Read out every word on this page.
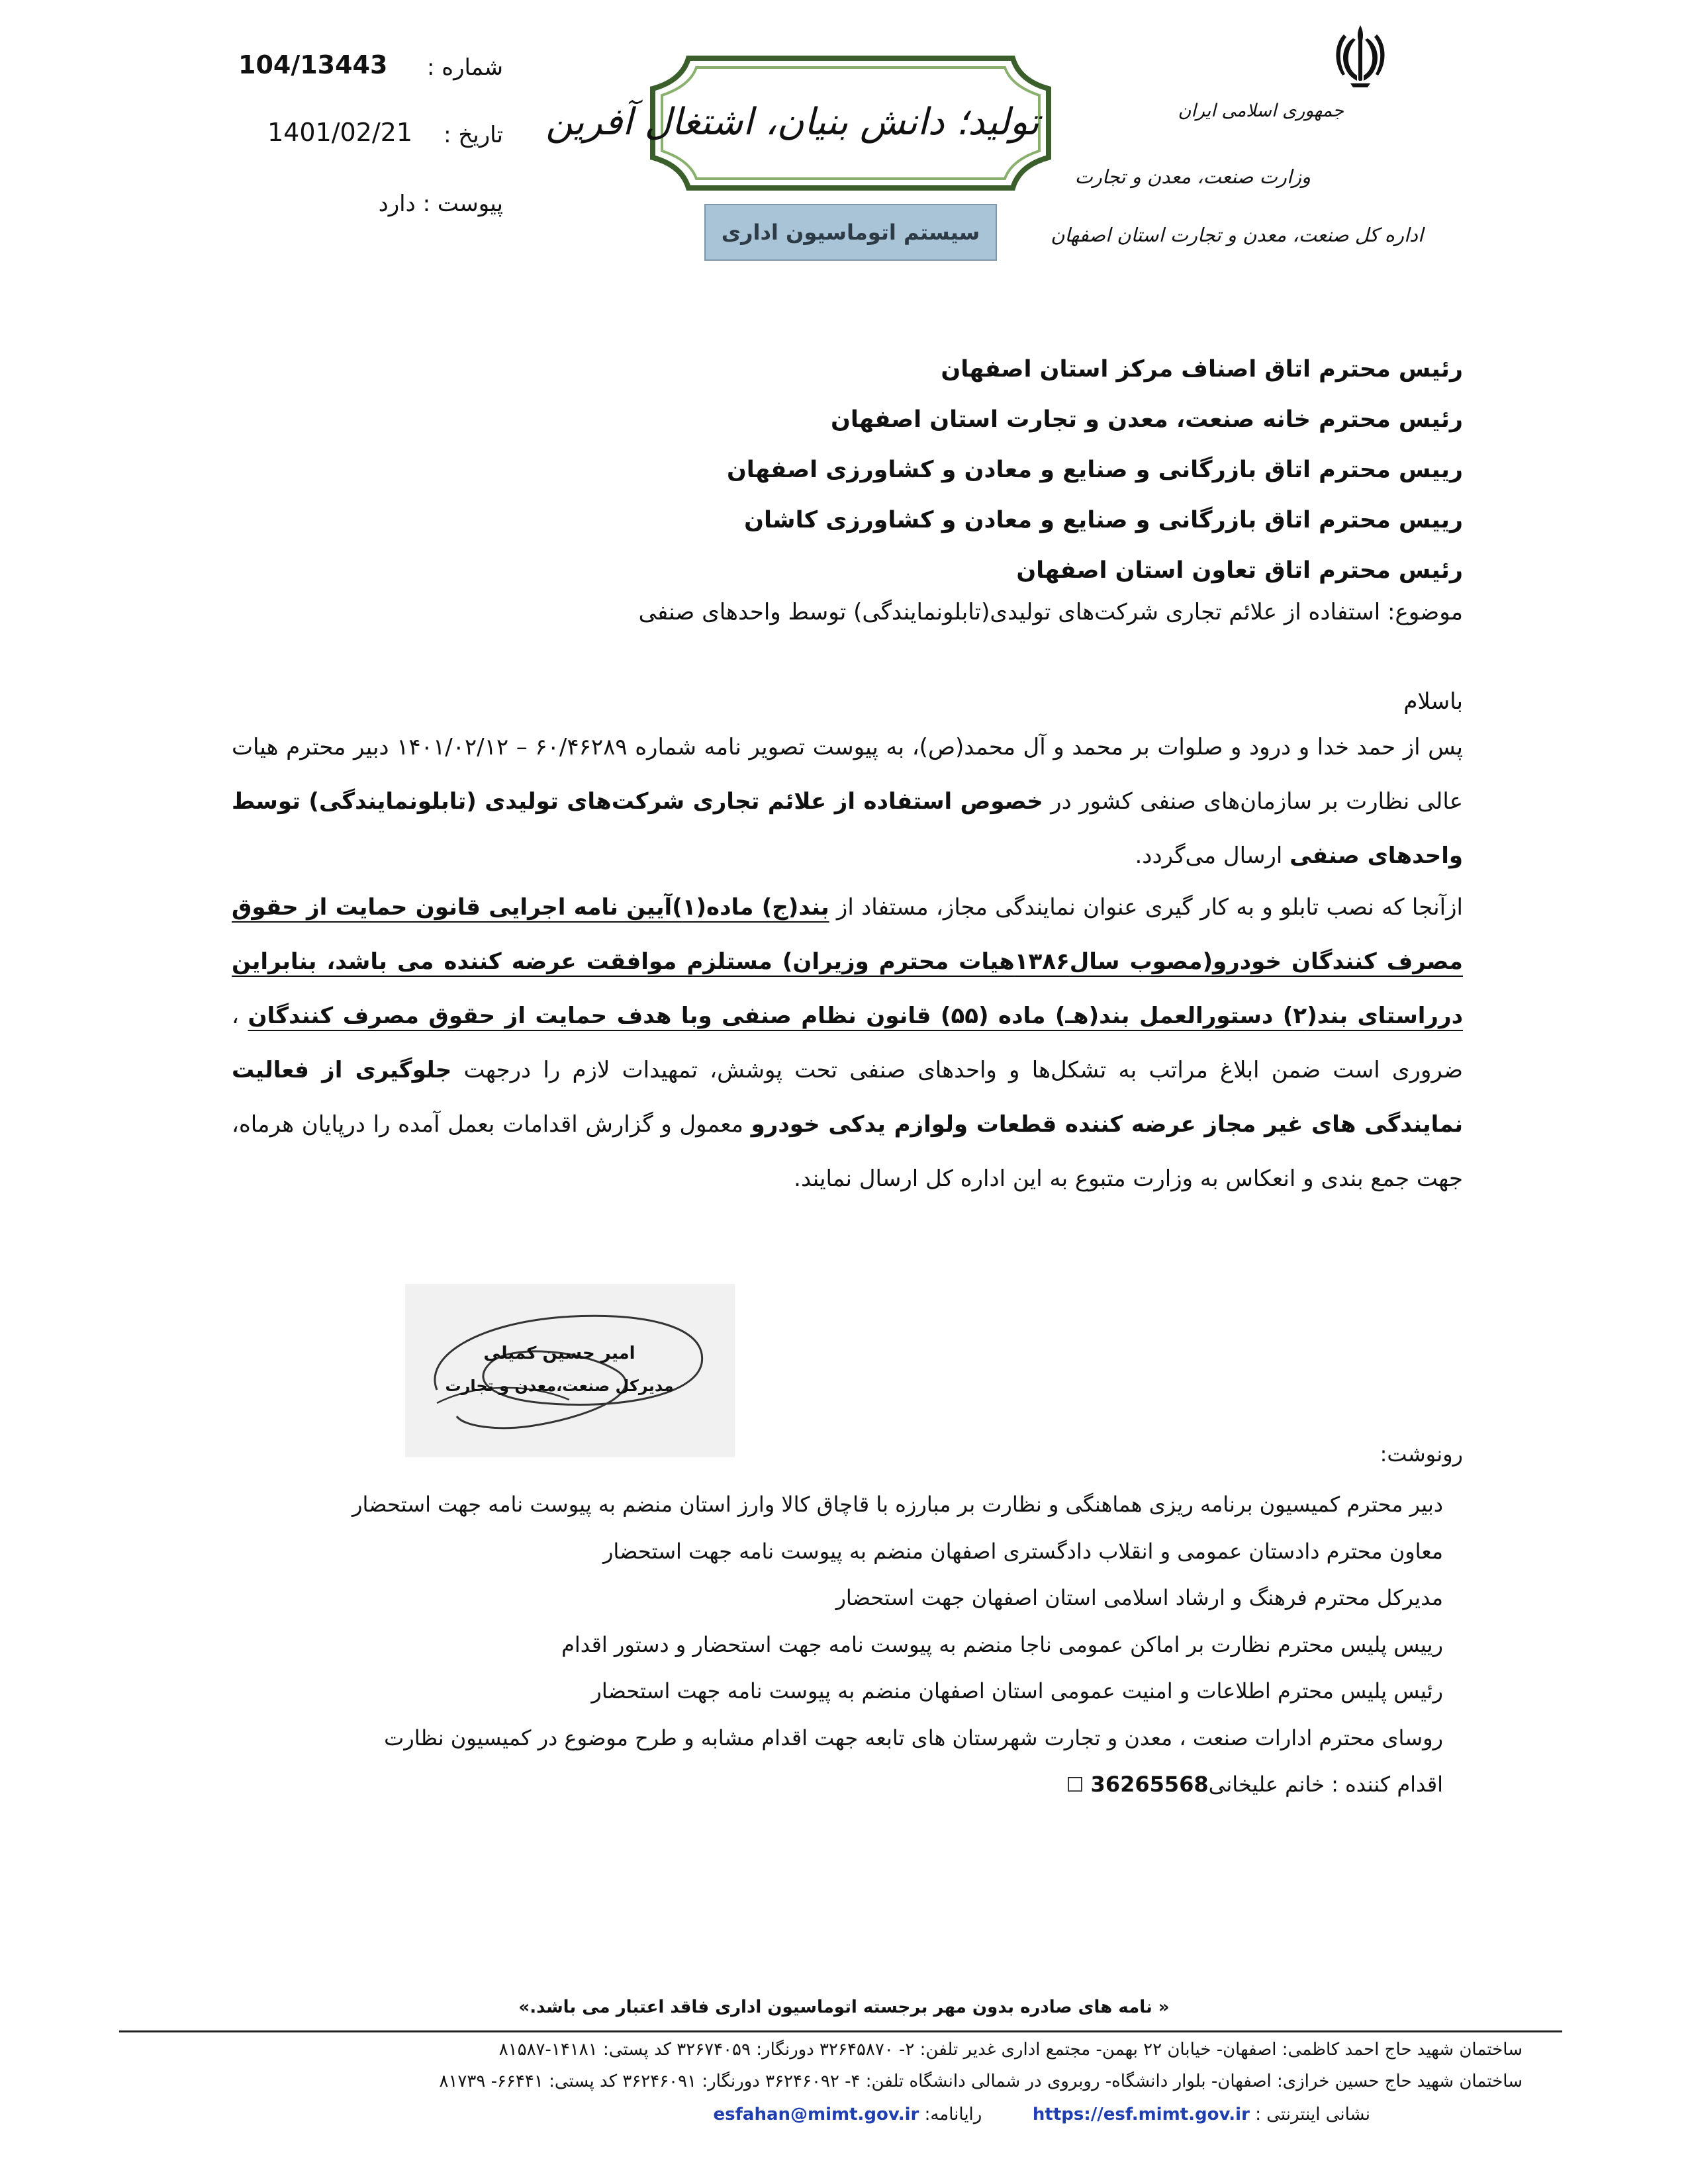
جمهوری اسلامی ایران
وزارت صنعت، معدن و تجارت
اداره کل صنعت، معدن و تجارت استان اصفهان
تولید؛ دانش بنیان، اشتغال آفرین
سیستم اتوماسیون اداری
شماره :
104/13443
تاریخ :
1401/02/21
پیوست : دارد
رئیس محترم اتاق اصناف مرکز استان اصفهان
رئیس محترم خانه صنعت، معدن و تجارت استان اصفهان
رییس محترم اتاق بازرگانی و صنایع و معادن و کشاورزی اصفهان
رییس محترم اتاق بازرگانی و صنایع و معادن و کشاورزی کاشان
رئیس محترم اتاق تعاون استان اصفهان
موضوع: استفاده از علائم تجاری شرکت‌های تولیدی(تابلونمایندگی) توسط واحدهای صنفی
باسلام

پس از حمد خدا و درود و صلوات بر محمد و آل محمد(ص)، به پیوست تصویر نامه شماره ۶۰/۴۶۲۸۹ – ۱۴۰۱/۰۲/۱۲ دبیر محترم هیات عالی نظارت بر سازمان‌های صنفی کشور در خصوص استفاده از علائم تجاری شرکت‌های تولیدی (تابلونمایندگی) توسط واحدهای صنفی ارسال می‌گردد.

ازآنجا که نصب تابلو و به کار گیری عنوان نمایندگی مجاز، مستفاد از بند(ج) ماده(۱)آیین نامه اجرایی قانون حمایت از حقوق مصرف کنندگان خودرو(مصوب سال۱۳۸۶هیات محترم وزیران) مستلزم موافقت عرضه کننده می باشد، بنابراین درراستای بند(۲) دستورالعمل بند(هـ) ماده (۵۵) قانون نظام صنفی وبا هدف حمایت از حقوق مصرف کنندگان ، ضروری است ضمن ابلاغ مراتب به تشکل‌ها و واحدهای صنفی تحت پوشش، تمهیدات لازم را درجهت جلوگیری از فعالیت نمایندگی های غیر مجاز عرضه کننده قطعات ولوازم یدکی خودرو معمول و گزارش اقدامات بعمل آمده را درپایان هرماه، جهت جمع بندی و انعکاس به وزارت متبوع به این اداره کل ارسال نمایند.

امیر حسین کمیلی
مدیرکل صنعت،معدن و تجارت
رونوشت:
دبیر محترم کمیسیون برنامه ریزی هماهنگی و نظارت بر مبارزه با قاچاق کالا وارز استان منضم به پیوست نامه جهت استحضار
معاون محترم دادستان عمومی و انقلاب دادگستری اصفهان منضم به پیوست نامه جهت استحضار
مدیرکل محترم فرهنگ و ارشاد اسلامی استان اصفهان جهت استحضار
رییس پلیس محترم نظارت بر اماکن عمومی ناجا منضم به پیوست نامه جهت استحضار و دستور اقدام
رئیس پلیس محترم اطلاعات و امنیت عمومی استان اصفهان منضم به پیوست نامه جهت استحضار
روسای محترم ادارات صنعت ، معدن و تجارت شهرستان های تابعه جهت اقدام مشابه و طرح موضوع در کمیسیون نظارت
اقدام کننده : خانم علیخانی36265568 ☐
« نامه های صادره بدون مهر برجسته اتوماسیون اداری فاقد اعتبار می باشد.»
ساختمان شهید حاج احمد کاظمی: اصفهان- خیابان ۲۲ بهمن- مجتمع اداری غدیر تلفن: ۲- ۳۲۶۴۵۸۷۰ دورنگار: ۳۲۶۷۴۰۵۹ کد پستی: ۱۴۱۸۱-۸۱۵۸۷
ساختمان شهید حاج حسین خرازی: اصفهان- بلوار دانشگاه- روبروی در شمالی دانشگاه تلفن: ۴- ۳۶۲۴۶۰۹۲ دورنگار: ۳۶۲۴۶۰۹۱ کد پستی: ۶۶۴۴۱- ۸۱۷۳۹
نشانی اینترنتی : https://esf.mimt.gov.ir  رایانامه: esfahan@mimt.gov.ir
